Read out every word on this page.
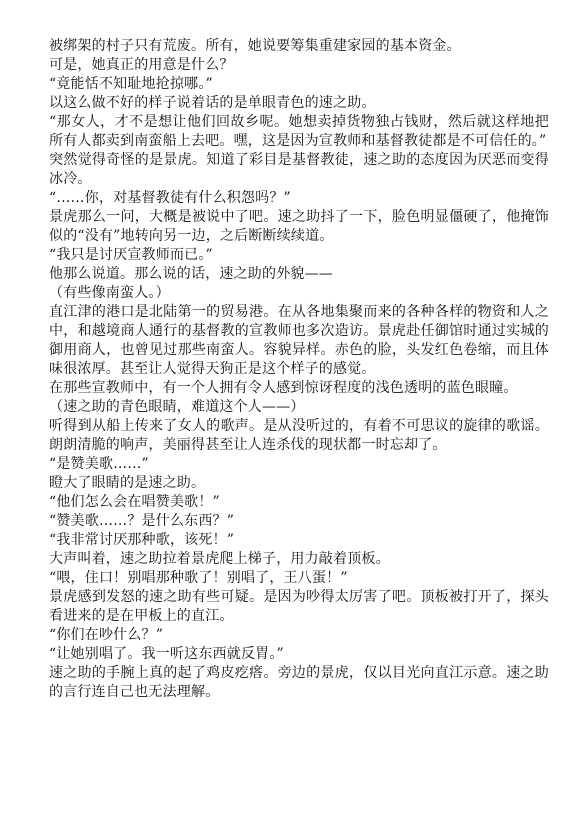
被绑架的村子只有荒废。所有，她说要筹集重建家园的基本资金。

可是，她真正的用意是什么？

“竟能恬不知耻地抢掠哪。”

以这么做不好的样子说着话的是单眼青色的速之助。

“那女人，才不是想让他们回故乡呢。她想卖掉货物独占钱财，然后就这样地把所有人都卖到南蛮船上去吧。嘿，这是因为宣教师和基督教徒都是不可信任的。”

突然觉得奇怪的是景虎。知道了彩目是基督教徒，速之助的态度因为厌恶而变得冰冷。

“……你，对基督教徒有什么积怨吗？”

景虎那么一问，大概是被说中了吧。速之助抖了一下，脸色明显僵硬了，他掩饰似的“没有”地转向另一边，之后断断续续道。

“我只是讨厌宣教师而已。”

他那么说道。那么说的话，速之助的外貌——

（有些像南蛮人。）

直江津的港口是北陆第一的贸易港。在从各地集聚而来的各种各样的物资和人之中，和越境商人通行的基督教的宣教师也多次造访。景虎赴任御馆时通过实城的御用商人，也曾见过那些南蛮人。容貌异样。赤色的脸，头发红色卷缩，而且体味很浓厚。甚至让人觉得天狗正是这个样子的感觉。

在那些宣教师中，有一个人拥有令人感到惊讶程度的浅色透明的蓝色眼瞳。

（速之助的青色眼睛，难道这个人——）

听得到从船上传来了女人的歌声。是从没听过的，有着不可思议的旋律的歌谣。朗朗清脆的响声，美丽得甚至让人连杀伐的现状都一时忘却了。

“是赞美歌……”

瞪大了眼睛的是速之助。

“他们怎么会在唱赞美歌！”

“赞美歌……？是什么东西？”

“我非常讨厌那种歌，该死！”

大声叫着，速之助拉着景虎爬上梯子，用力敲着顶板。

“喂，住口！别唱那种歌了！别唱了，王八蛋！”

景虎感到发怒的速之助有些可疑。是因为吵得太厉害了吧。顶板被打开了，探头看进来的是在甲板上的直江。

“你们在吵什么？”

“让她别唱了。我一听这东西就反胃。”

速之助的手腕上真的起了鸡皮疙瘩。旁边的景虎，仅以目光向直江示意。速之助的言行连自己也无法理解。
